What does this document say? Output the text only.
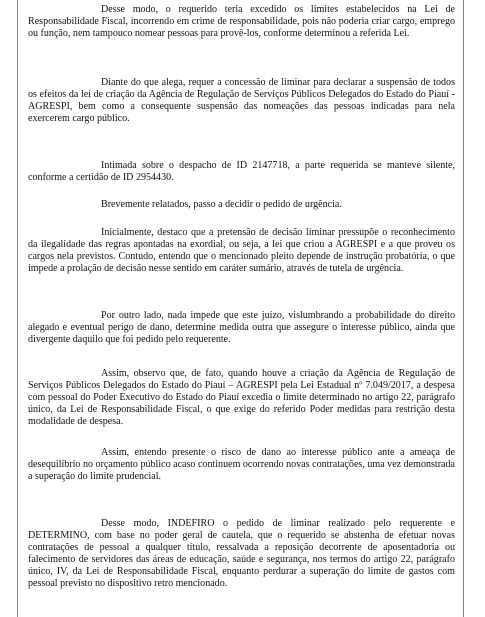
Desse modo, o requerido teria excedido os limites estabelecidos na Lei de Responsabilidade Fiscal, incorrendo em crime de responsabilidade, pois não poderia criar cargo, emprego ou função, nem tampouco nomear pessoas para provê-los, conforme determinou a referida Lei.

Diante do que alega, requer a concessão de liminar para declarar a suspensão de todos os efeitos da lei de criação da Agência de Regulação de Serviços Públicos Delegados do Estado do Piauí - AGRESPI, bem como a consequente suspensão das nomeações das pessoas indicadas para nela exercerem cargo público.

Intimada sobre o despacho de ID 2147718, a parte requerida se manteve silente, conforme a certidão de ID 2954430.

Brevemente relatados, passo a decidir o pedido de urgência.

Inicialmente, destaco que a pretensão de decisão liminar pressupõe o reconhecimento da ilegalidade das regras apontadas na exordial, ou seja, a lei que criou a AGRESPI e a que proveu os cargos nela previstos. Contudo, entendo que o mencionado pleito depende de instrução probatória, o que impede a prolação de decisão nesse sentido em caráter sumário, através de tutela de urgência.

Por outro lado, nada impede que este juízo, vislumbrando a probabilidade do direito alegado e eventual perigo de dano, determine medida outra que assegure o interesse público, ainda que divergente daquilo que foi pedido pelo requerente.

Assim, observo que, de fato, quando houve a criação da Agência de Regulação de Serviços Públicos Delegados do Estado do Piauí – AGRESPI pela Lei Estadual nº 7.049/2017, a despesa com pessoal do Poder Executivo do Estado do Piauí excedia o limite determinado no artigo 22, parágrafo único, da Lei de Responsabilidade Fiscal, o que exige do referido Poder medidas para restrição desta modalidade de despesa.

Assim, entendo presente o risco de dano ao interesse público ante a ameaça de desequilíbrio no orçamento público acaso continuem ocorrendo novas contratações, uma vez demonstrada a superação do limite prudencial.

Desse modo, INDEFIRO o pedido de liminar realizado pelo requerente e DETERMINO, com base no poder geral de cautela, que o requerido se abstenha de efetuar novas contratações de pessoal a qualquer título, ressalvada a reposição decorrente de aposentadoria ou falecimento de servidores das áreas de educação, saúde e segurança, nos termos do artigo 22, parágrafo único, IV, da Lei de Responsabilidade Fiscal, enquanto perdurar a superação do limite de gastos com pessoal previsto no dispositivo retro mencionado.
